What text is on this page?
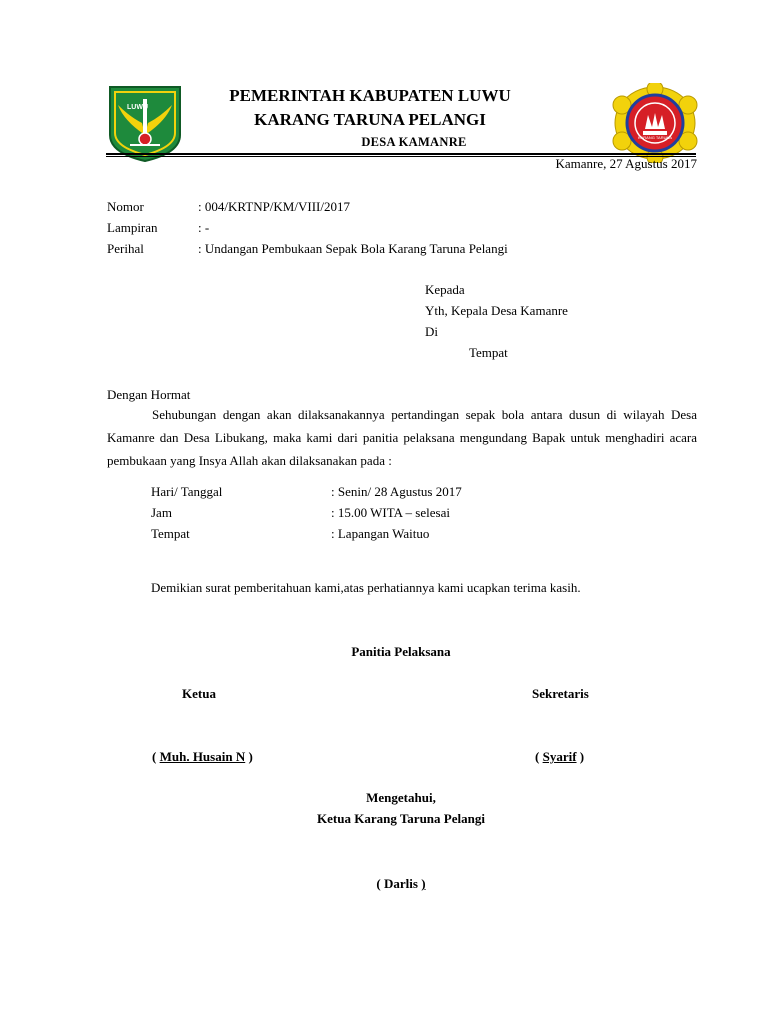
LUWU
KARANG TARUNA
PEMERINTAH KABUPATEN LUWU
KARANG TARUNA PELANGI
DESA KAMANRE
Kamanre, 27 Agustus 2017
Nomor	: 004/KRTNP/KM/VIII/2017
Lampiran	: -
Perihal	: Undangan Pembukaan Sepak Bola Karang Taruna Pelangi
Kepada
Yth, Kepala Desa Kamanre
Di
Tempat
Dengan Hormat
Sehubungan dengan akan dilaksanakannya pertandingan sepak bola antara dusun di wilayah Desa Kamanre dan Desa Libukang, maka kami dari panitia pelaksana mengundang Bapak untuk menghadiri acara pembukaan yang Insya Allah akan dilaksanakan pada :
Hari/ Tanggal	: Senin/ 28 Agustus 2017
Jam	: 15.00 WITA – selesai
Tempat	: Lapangan Waituo
Demikian surat pemberitahuan kami,atas perhatiannya kami ucapkan terima kasih.
Panitia Pelaksana
Ketua	Sekretaris
( Muh. Husain N )	( Syarif )
Mengetahui,
Ketua Karang Taruna Pelangi
( Darlis )
